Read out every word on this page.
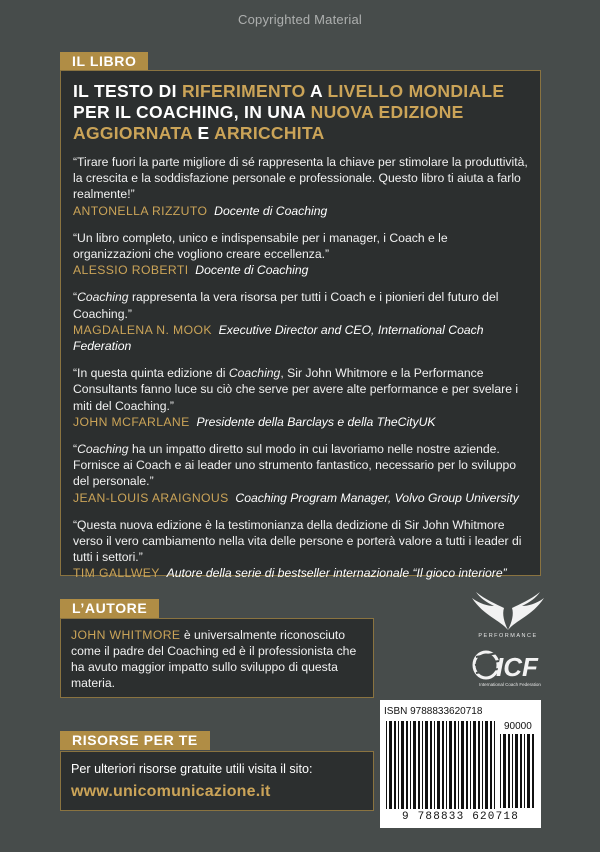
Copyrighted Material
IL LIBRO
IL TESTO DI RIFERIMENTO A LIVELLO MONDIALE
PER IL COACHING, IN UNA NUOVA EDIZIONE
AGGIORNATA E ARRICCHITA
“Tirare fuori la parte migliore di sé rappresenta la chiave per stimolare la produttività, la crescita e la soddisfazione personale e professionale. Questo libro ti aiuta a farlo realmente!”
ANTONELLA RIZZUTO Docente di Coaching
“Un libro completo, unico e indispensabile per i manager, i Coach e le organizzazioni che vogliono creare eccellenza.”
ALESSIO ROBERTI Docente di Coaching
“Coaching rappresenta la vera risorsa per tutti i Coach e i pionieri del futuro del Coaching.”
MAGDALENA N. MOOK Executive Director and CEO, International Coach Federation
“In questa quinta edizione di Coaching, Sir John Whitmore e la Performance Consultants fanno luce su ciò che serve per avere alte performance e per svelare i miti del Coaching.”
JOHN MCFARLANE Presidente della Barclays e della TheCityUK
“Coaching ha un impatto diretto sul modo in cui lavoriamo nelle nostre aziende. Fornisce ai Coach e ai leader uno strumento fantastico, necessario per lo sviluppo del personale.”
JEAN-LOUIS ARAIGNOUS Coaching Program Manager, Volvo Group University
“Questa nuova edizione è la testimonianza della dedizione di Sir John Whitmore verso il vero cambiamento nella vita delle persone e porterà valore a tutti i leader di tutti i settori.”
TIM GALLWEY Autore della serie di bestseller internazionale “Il gioco interiore”
L’AUTORE
JOHN WHITMORE è universalmente riconosciuto come il padre del Coaching ed è il professionista che ha avuto maggior impatto sullo sviluppo di questa materia.
RISORSE PER TE
Per ulteriori risorse gratuite utili visita il sito:
www.unicomunicazione.it
PERFORMANCE
ICF
International Coach Federation
ISBN 9788833620718
90000
9 788833 620718
